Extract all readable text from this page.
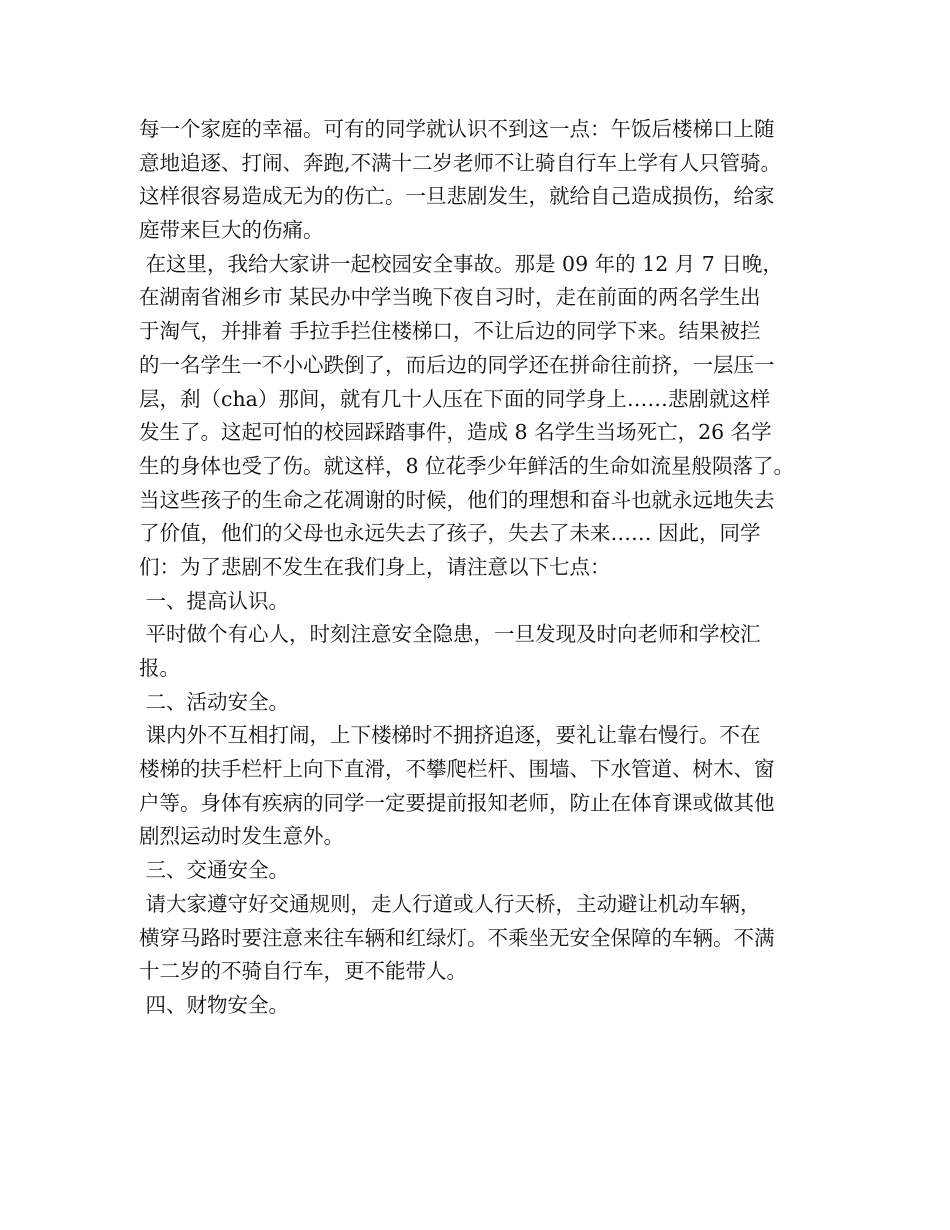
每一个家庭的幸福。可有的同学就认识不到这一点：午饭后楼梯口上随
意地追逐、打闹、奔跑,不满十二岁老师不让骑自行车上学有人只管骑。
这样很容易造成无为的伤亡。一旦悲剧发生，就给自己造成损伤，给家
庭带来巨大的伤痛。
在这里，我给大家讲一起校园安全事故。那是 09 年的 12 月 7 日晚，
在湖南省湘乡市 某民办中学当晚下夜自习时，走在前面的两名学生出
于淘气，并排着 手拉手拦住楼梯口，不让后边的同学下来。结果被拦
的一名学生一不小心跌倒了，而后边的同学还在拼命往前挤，一层压一
层，刹（cha）那间，就有几十人压在下面的同学身上……悲剧就这样
发生了。这起可怕的校园踩踏事件，造成 8 名学生当场死亡，26 名学
生的身体也受了伤。就这样，8 位花季少年鲜活的生命如流星般陨落了。
当这些孩子的生命之花凋谢的时候，他们的理想和奋斗也就永远地失去
了价值，他们的父母也永远失去了孩子，失去了未来…… 因此，同学
们：为了悲剧不发生在我们身上，请注意以下七点：
一、提高认识。
平时做个有心人，时刻注意安全隐患，一旦发现及时向老师和学校汇
报。
二、活动安全。
课内外不互相打闹，上下楼梯时不拥挤追逐，要礼让靠右慢行。不在
楼梯的扶手栏杆上向下直滑，不攀爬栏杆、围墙、下水管道、树木、窗
户等。身体有疾病的同学一定要提前报知老师，防止在体育课或做其他
剧烈运动时发生意外。
三、交通安全。
请大家遵守好交通规则，走人行道或人行天桥，主动避让机动车辆，
横穿马路时要注意来往车辆和红绿灯。不乘坐无安全保障的车辆。不满
十二岁的不骑自行车，更不能带人。
四、财物安全。
